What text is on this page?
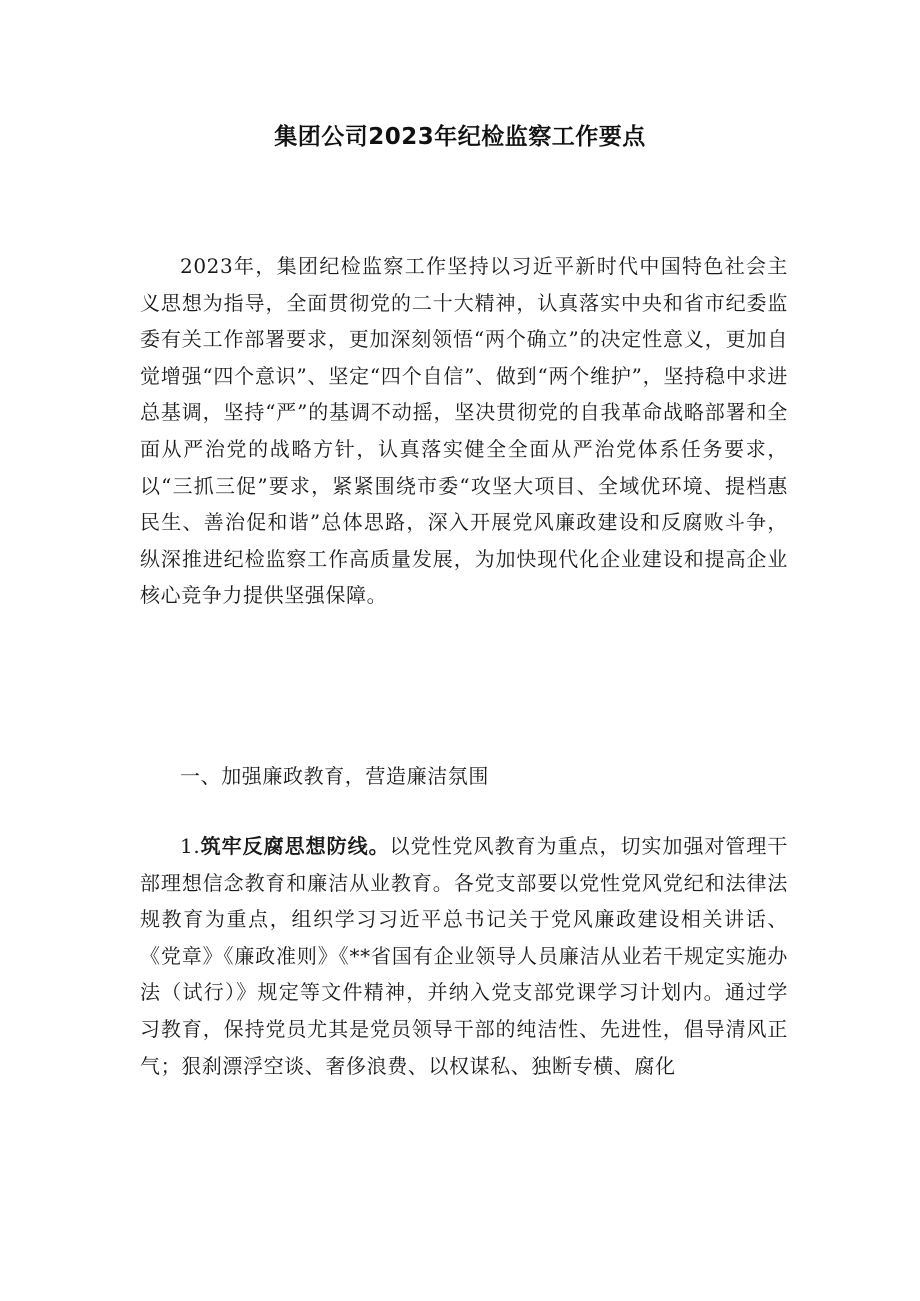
集团公司2023年纪检监察工作要点

2023年，集团纪检监察工作坚持以习近平新时代中国特色社会主义思想为指导，全面贯彻党的二十大精神，认真落实中央和省市纪委监委有关工作部署要求，更加深刻领悟“两个确立”的决定性意义，更加自觉增强“四个意识”、坚定“四个自信”、做到“两个维护”，坚持稳中求进总基调，坚持“严”的基调不动摇，坚决贯彻党的自我革命战略部署和全面从严治党的战略方针，认真落实健全全面从严治党体系任务要求，以“三抓三促”要求，紧紧围绕市委“攻坚大项目、全域优环境、提档惠民生、善治促和谐”总体思路，深入开展党风廉政建设和反腐败斗争，纵深推进纪检监察工作高质量发展，为加快现代化企业建设和提高企业核心竞争力提供坚强保障。

一、加强廉政教育，营造廉洁氛围

1.筑牢反腐思想防线。以党性党风教育为重点，切实加强对管理干部理想信念教育和廉洁从业教育。各党支部要以党性党风党纪和法律法规教育为重点，组织学习习近平总书记关于党风廉政建设相关讲话、《党章》《廉政准则》《**省国有企业领导人员廉洁从业若干规定实施办法（试行）》规定等文件精神，并纳入党支部党课学习计划内。通过学习教育，保持党员尤其是党员领导干部的纯洁性、先进性，倡导清风正气；狠刹漂浮空谈、奢侈浪费、以权谋私、独断专横、腐化
